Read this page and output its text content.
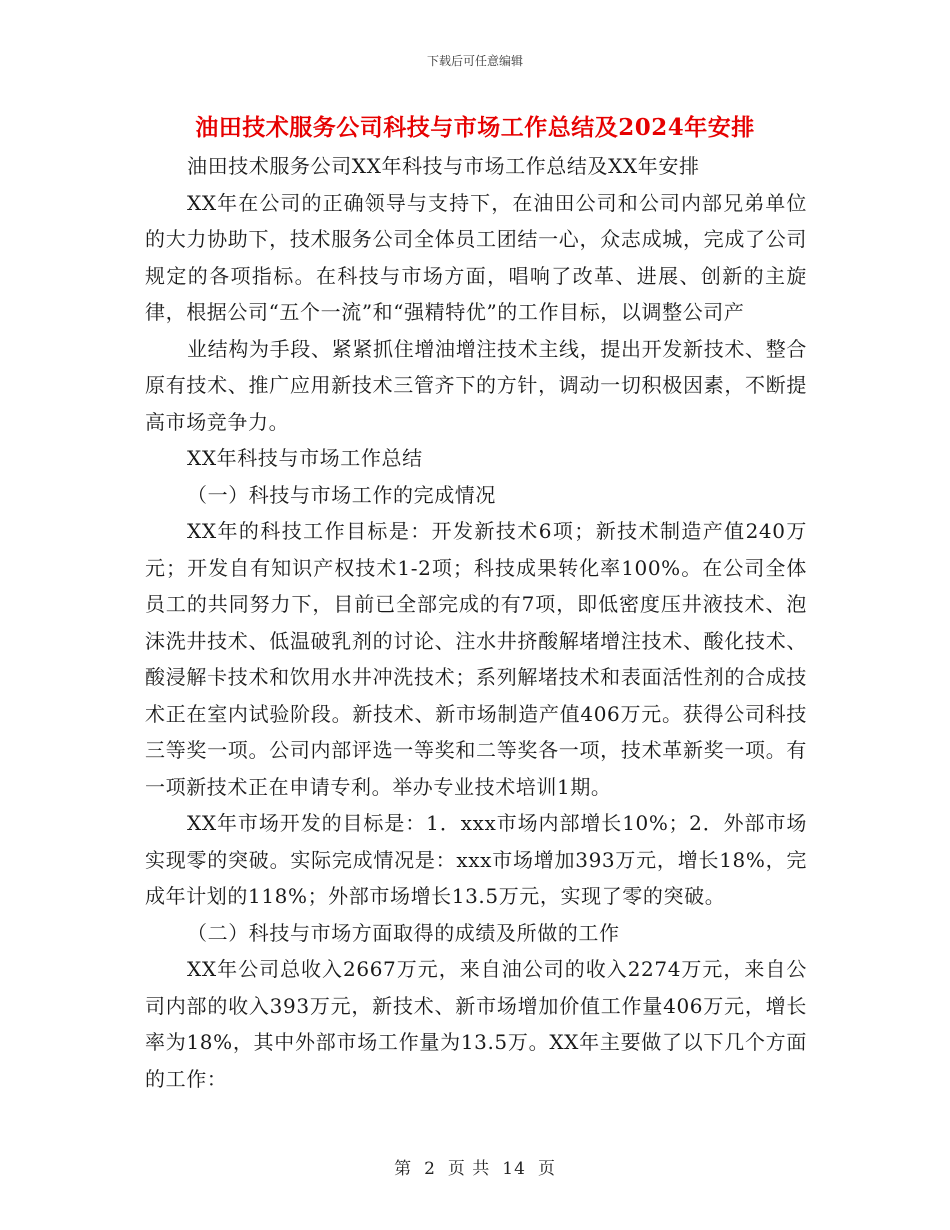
下载后可任意编辑
油田技术服务公司科技与市场工作总结及2024年安排

油田技术服务公司XX年科技与市场工作总结及XX年安排

XX年在公司的正确领导与支持下，在油田公司和公司内部兄弟单位的大力协助下，技术服务公司全体员工团结一心，众志成城，完成了公司规定的各项指标。在科技与市场方面，唱响了改革、进展、创新的主旋律，根据公司“五个一流”和“强精特优”的工作目标，以调整公司产

业结构为手段、紧紧抓住增油增注技术主线，提出开发新技术、整合原有技术、推广应用新技术三管齐下的方针，调动一切积极因素，不断提高市场竞争力。

XX年科技与市场工作总结

（一）科技与市场工作的完成情况

XX年的科技工作目标是：开发新技术6项；新技术制造产值240万元；开发自有知识产权技术1-2项；科技成果转化率100%。在公司全体员工的共同努力下，目前已全部完成的有7项，即低密度压井液技术、泡沫洗井技术、低温破乳剂的讨论、注水井挤酸解堵增注技术、酸化技术、酸浸解卡技术和饮用水井冲洗技术；系列解堵技术和表面活性剂的合成技术正在室内试验阶段。新技术、新市场制造产值406万元。获得公司科技三等奖一项。公司内部评选一等奖和二等奖各一项，技术革新奖一项。有一项新技术正在申请专利。举办专业技术培训1期。

XX年市场开发的目标是：1．xxx市场内部增长10%；2．外部市场实现零的突破。实际完成情况是：xxx市场增加393万元，增长18%，完成年计划的118%；外部市场增长13.5万元，实现了零的突破。

（二）科技与市场方面取得的成绩及所做的工作

XX年公司总收入2667万元，来自油公司的收入2274万元，来自公司内部的收入393万元，新技术、新市场增加价值工作量406万元，增长率为18%，其中外部市场工作量为13.5万。XX年主要做了以下几个方面的工作：

第 2 页 共 14 页
